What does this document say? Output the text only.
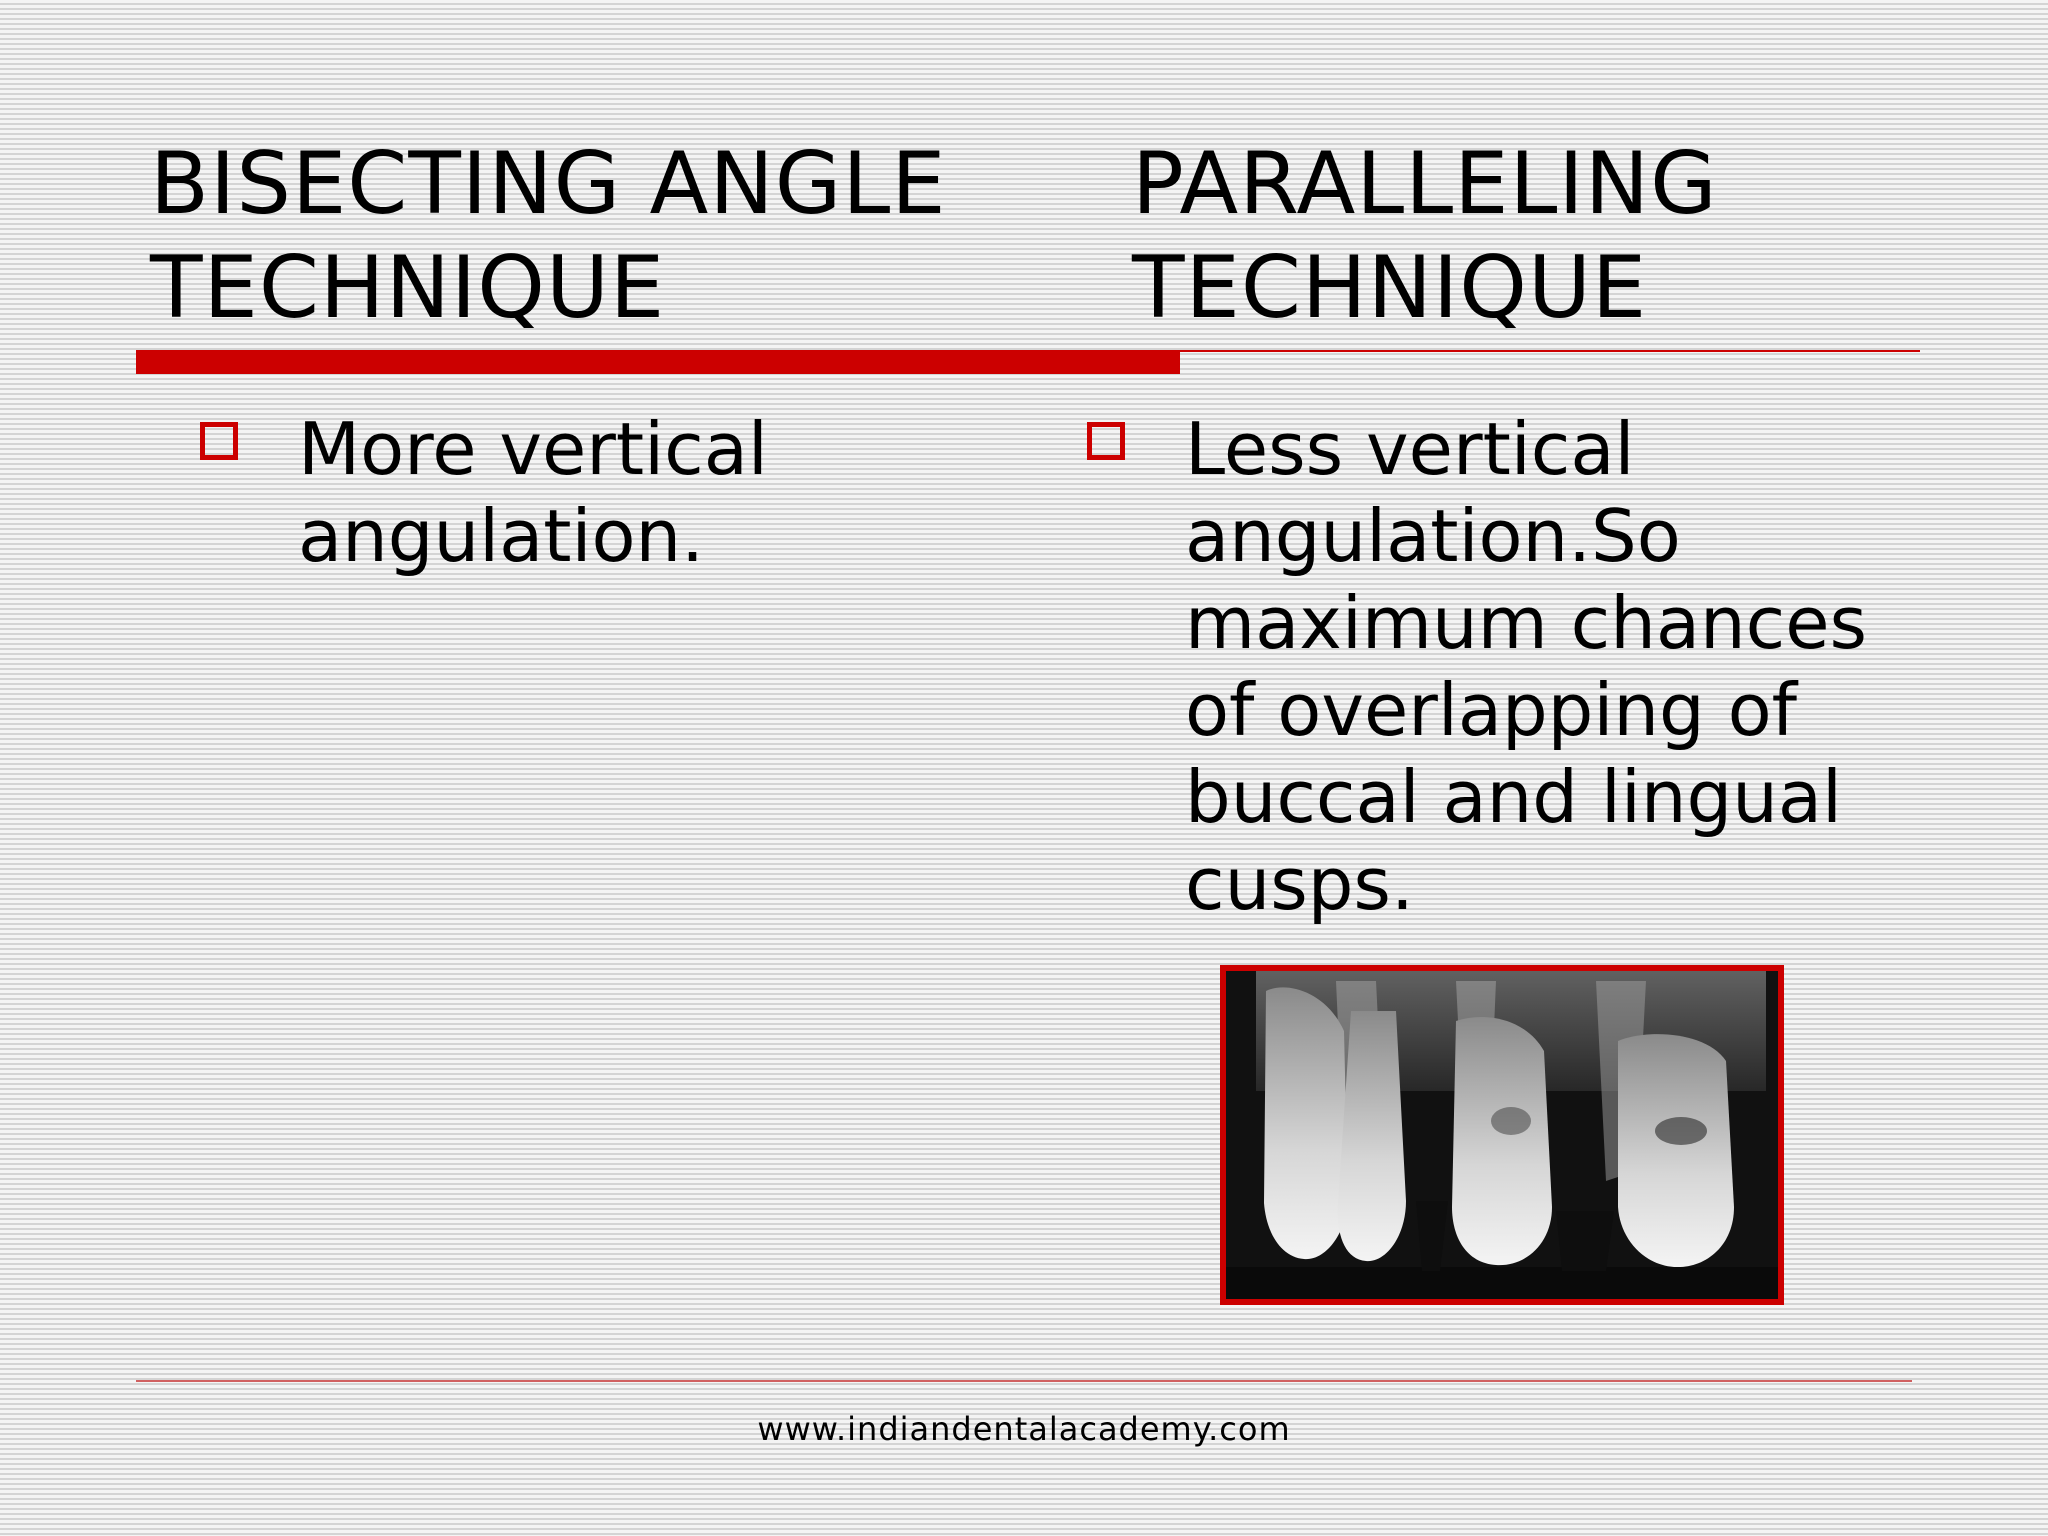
BISECTING ANGLE
TECHNIQUE
PARALLELING
TECHNIQUE

More vertical angulation.

Less vertical angulation.So maximum chances of overlapping of buccal and lingual cusps.

www.indiandentalacademy.com
